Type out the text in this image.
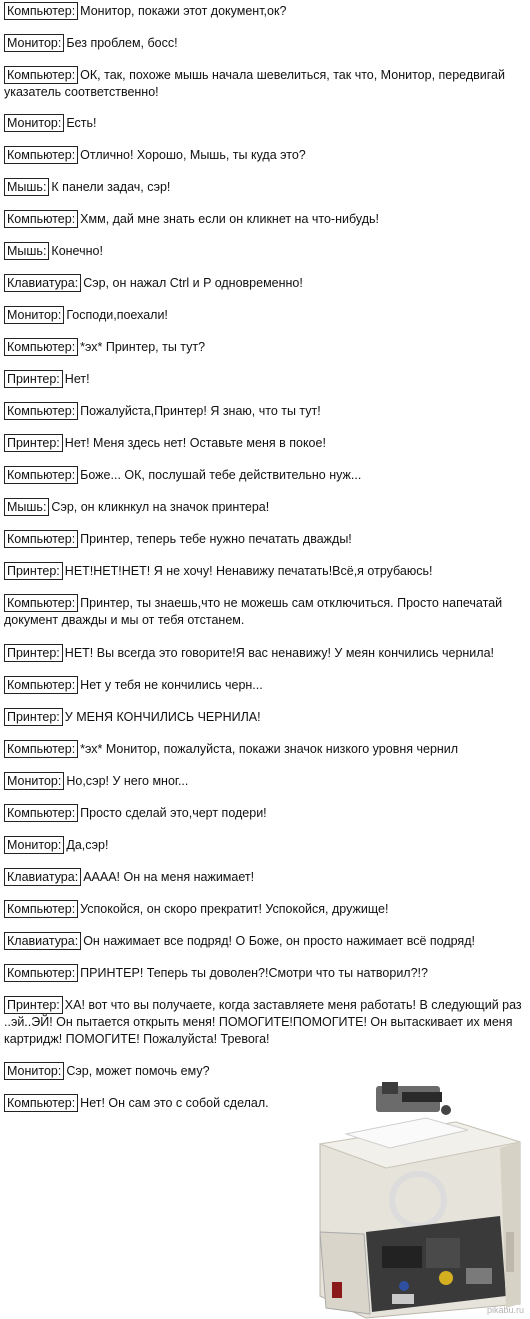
Компьютер: Монитор, покажи этот документ,ок?
Монитор: Без проблем, босс!
Компьютер: ОК, так, похоже мышь начала шевелиться, так что, Монитор, передвигай указатель соответственно!
Монитор: Есть!
Компьютер: Отлично! Хорошо, Мышь, ты куда это?
Мышь: К панели задач, сэр!
Компьютер: Хмм, дай мне знать если он кликнет на что-нибудь!
Мышь: Конечно!
Клавиатура: Сэр, он нажал Ctrl и P одновременно!
Монитор: Господи,поехали!
Компьютер: *эх* Принтер, ты тут?
Принтер: Нет!
Компьютер: Пожалуйста,Принтер! Я знаю, что ты тут!
Принтер: Нет! Меня здесь нет! Оставьте меня в покое!
Компьютер: Боже... ОК, послушай тебе действительно нуж...
Мышь: Сэр, он кликнкул на значок принтера!
Компьютер: Принтер, теперь тебе нужно печатать дважды!
Принтер: НЕТ!НЕТ!НЕТ! Я не хочу! Ненавижу печатать!Всё,я отрубаюсь!
Компьютер: Принтер, ты знаешь,что не можешь сам отключиться. Просто напечатай документ дважды и мы от тебя отстанем.
Принтер: НЕТ! Вы всегда это говорите!Я вас ненавижу! У меян кончились чернила!
Компьютер: Нет у тебя не кончились черн...
Принтер: У МЕНЯ КОНЧИЛИСЬ ЧЕРНИЛА!
Компьютер: *эх* Монитор, пожалуйста, покажи значок низкого уровня чернил
Монитор: Но,сэр! У него мног...
Компьютер: Просто сделай это,черт подери!
Монитор: Да,сэр!
Клавиатура: АААА! Он на меня нажимает!
Компьютер: Успокойся, он скоро прекратит! Успокойся, дружище!
Клавиатура: Он нажимает все подряд! О Боже, он просто нажимает всё подряд!
Компьютер: ПРИНТЕР! Теперь ты доволен?!Смотри что ты натворил?!?
Принтер: ХА! вот что вы получаете, когда заставляете меня работать! В следующий раз ..эй..ЭЙ! Он пытается открыть меня! ПОМОГИТЕ!ПОМОГИТЕ! Он вытаскивает их меня картридж! ПОМОГИТЕ! Пожалуйста! Тревога!
Монитор: Сэр, может помочь ему?
Компьютер: Нет! Он сам это с собой сделал.
pikabu.ru
